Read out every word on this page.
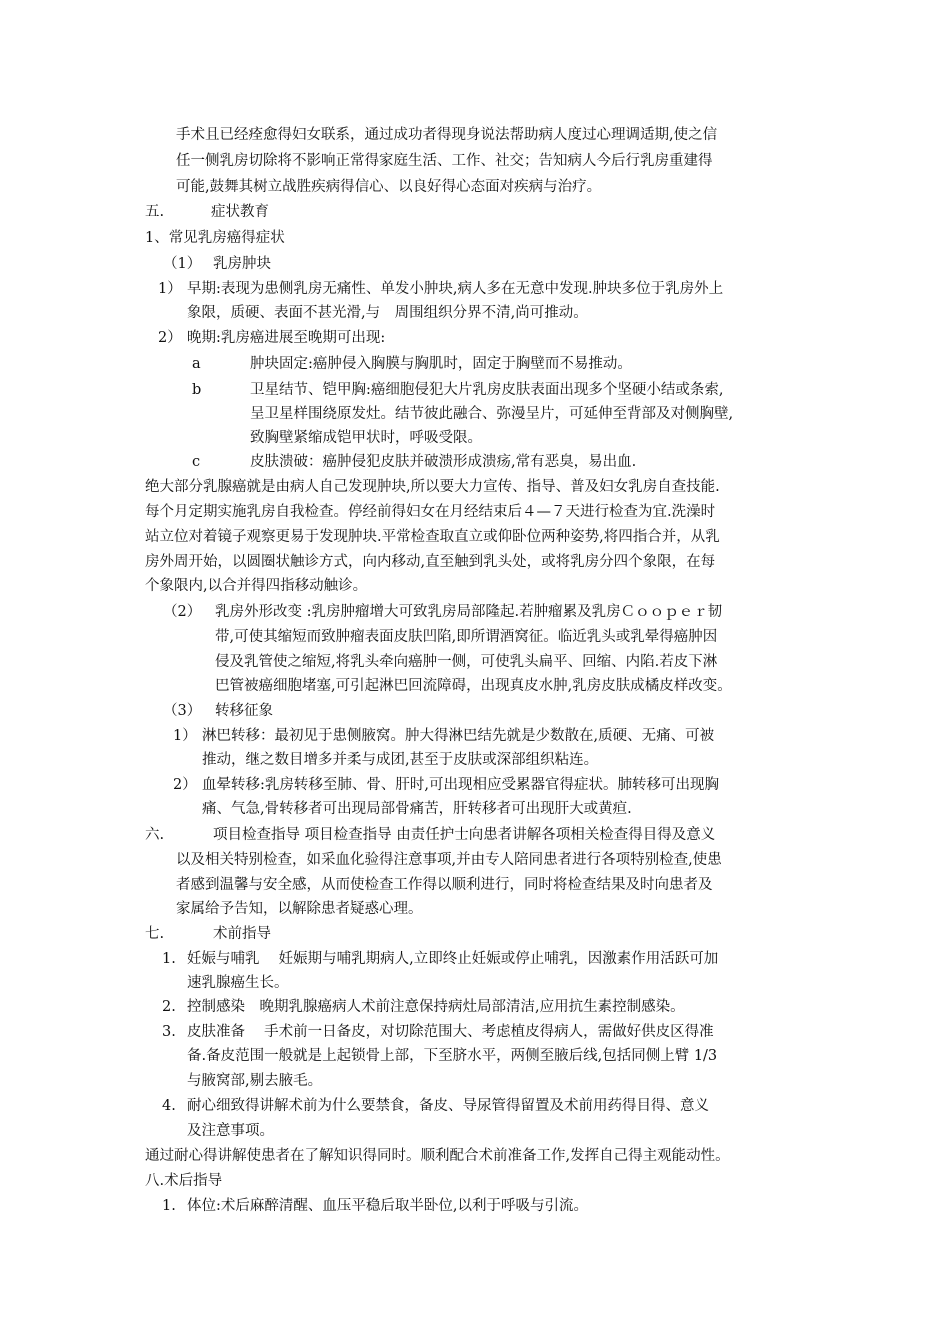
手术且已经痊愈得妇女联系，通过成功者得现身说法帮助病人度过心理调适期,使之信
任一侧乳房切除将不影响正常得家庭生活、工作、社交；告知病人今后行乳房重建得
可能,鼓舞其树立战胜疾病得信心、以良好得心态面对疾病与治疗。
五.	症状教育
1、常见乳房癌得症状
（1） 乳房肿块
1） 早期:表现为患侧乳房无痛性、单发小肿块,病人多在无意中发现.肿块多位于乳房外上
象限，质硬、表面不甚光滑,与　周围组织分界不清,尚可推动。
2） 晚期:乳房癌进展至晚期可出现:
a	肿块固定:癌肿侵入胸膜与胸肌时，固定于胸壁而不易推动。
b	卫星结节、铠甲胸:癌细胞侵犯大片乳房皮肤表面出现多个坚硬小结或条索,
呈卫星样围绕原发灶。结节彼此融合、弥漫呈片，可延伸至背部及对侧胸壁,
致胸壁紧缩成铠甲状时，呼吸受限。
c	皮肤溃破：癌肿侵犯皮肤并破溃形成溃疡,常有恶臭，易出血.
绝大部分乳腺癌就是由病人自己发现肿块,所以要大力宣传、指导、普及妇女乳房自查技能.
每个月定期实施乳房自我检查。停经前得妇女在月经结束后４—７天进行检查为宜.洗澡时
站立位对着镜子观察更易于发现肿块.平常检查取直立或仰卧位两种姿势,将四指合并，从乳
房外周开始，以圆圈状触诊方式，向内移动,直至触到乳头处，或将乳房分四个象限，在每
个象限内,以合并得四指移动触诊。
（2） 乳房外形改变 :乳房肿瘤增大可致乳房局部隆起.若肿瘤累及乳房Ｃｏｏｐｅｒ韧
带,可使其缩短而致肿瘤表面皮肤凹陷,即所谓酒窝征。临近乳头或乳晕得癌肿因
侵及乳管使之缩短,将乳头牵向癌肿一侧，可使乳头扁平、回缩、内陷.若皮下淋
巴管被癌细胞堵塞,可引起淋巴回流障碍，出现真皮水肿,乳房皮肤成橘皮样改变。
（3） 转移征象
1） 淋巴转移：最初见于患侧腋窝。肿大得淋巴结先就是少数散在,质硬、无痛、可被
推动，继之数目增多并柔与成团,甚至于皮肤或深部组织粘连。
2） 血晕转移:乳房转移至肺、骨、肝时,可出现相应受累器官得症状。肺转移可出现胸
痛、气急,骨转移者可出现局部骨痛苦，肝转移者可出现肝大或黄疸.
六.	项目检查指导 项目检查指导 由责任护士向患者讲解各项相关检查得目得及意义
以及相关特别检查，如采血化验得注意事项,并由专人陪同患者进行各项特别检查,使患
者感到温馨与安全感，从而使检查工作得以顺利进行，同时将检查结果及时向患者及
家属给予告知，以解除患者疑惑心理。
七.	术前指导
1. 妊娠与哺乳　 妊娠期与哺乳期病人,立即终止妊娠或停止哺乳，因激素作用活跃可加
速乳腺癌生长。
2. 控制感染　晚期乳腺癌病人术前注意保持病灶局部清洁,应用抗生素控制感染。
3. 皮肤准备　 手术前一日备皮，对切除范围大、考虑植皮得病人，需做好供皮区得准
备.备皮范围一般就是上起锁骨上部，下至脐水平，两侧至腋后线,包括同侧上臂 1/3
与腋窝部,剔去腋毛。
4. 耐心细致得讲解术前为什么要禁食，备皮、导尿管得留置及术前用药得目得、意义
及注意事项。
通过耐心得讲解使患者在了解知识得同时。顺利配合术前准备工作,发挥自己得主观能动性。
八.术后指导
1. 体位:术后麻醉清醒、血压平稳后取半卧位,以利于呼吸与引流。
